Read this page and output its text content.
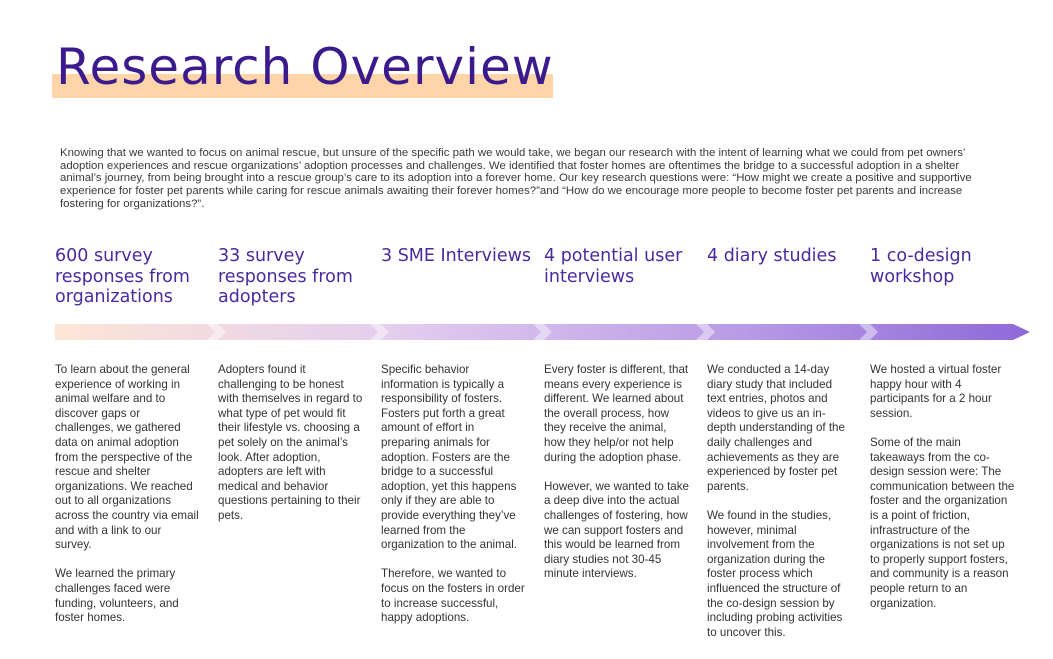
Research Overview

Knowing that we wanted to focus on animal rescue, but unsure of the specific path we would take, we began our research with the intent of learning what we could from pet owners’ adoption experiences and rescue organizations’ adoption processes and challenges. We identified that foster homes are oftentimes the bridge to a successful adoption in a shelter animal’s journey, from being brought into a rescue group’s care to its adoption into a forever home. Our key research questions were: “How might we create a positive and supportive experience for foster pet parents while caring for rescue animals awaiting their forever homes?”and “How do we encourage more people to become foster pet parents and increase fostering for organizations?”.

600 survey responses from organizations
33 survey responses from adopters
3 SME Interviews 4 potential user interviews
4 diary studies	1 co-design workshop

To learn about the general experience of working in animal welfare and to discover gaps or challenges, we gathered data on animal adoption from the perspective of the rescue and shelter organizations. We reached out to all organizations across the country via email and with a link to our survey.

We learned the primary challenges faced were funding, volunteers, and foster homes.

Adopters found it challenging to be honest with themselves in regard to what type of pet would fit their lifestyle vs. choosing a pet solely on the animal’s look. After adoption, adopters are left with medical and behavior questions pertaining to their pets.

Specific behavior information is typically a responsibility of fosters. Fosters put forth a great amount of effort in preparing animals for adoption. Fosters are the bridge to a successful adoption, yet this happens only if they are able to provide everything they’ve learned from the organization to the animal.

Therefore, we wanted to focus on the fosters in order to increase successful, happy adoptions.

Every foster is different, that means every experience is different. We learned about the overall process, how they receive the animal, how they help/or not help during the adoption phase.

However, we wanted to take a deep dive into the actual challenges of fostering, how we can support fosters and this would be learned from diary studies not 30-45 minute interviews.

We conducted a 14-day diary study that included text entries, photos and videos to give us an in-depth understanding of the daily challenges and achievements as they are experienced by foster pet parents.

We found in the studies, however, minimal involvement from the organization during the foster process which influenced the structure of the co-design session by including probing activities to uncover this.

We hosted a virtual foster happy hour with 4 participants for a 2 hour session.

Some of the main takeaways from the co-design session were: The communication between the foster and the organization is a point of friction, infrastructure of the organizations is not set up to properly support fosters, and community is a reason people return to an organization.
